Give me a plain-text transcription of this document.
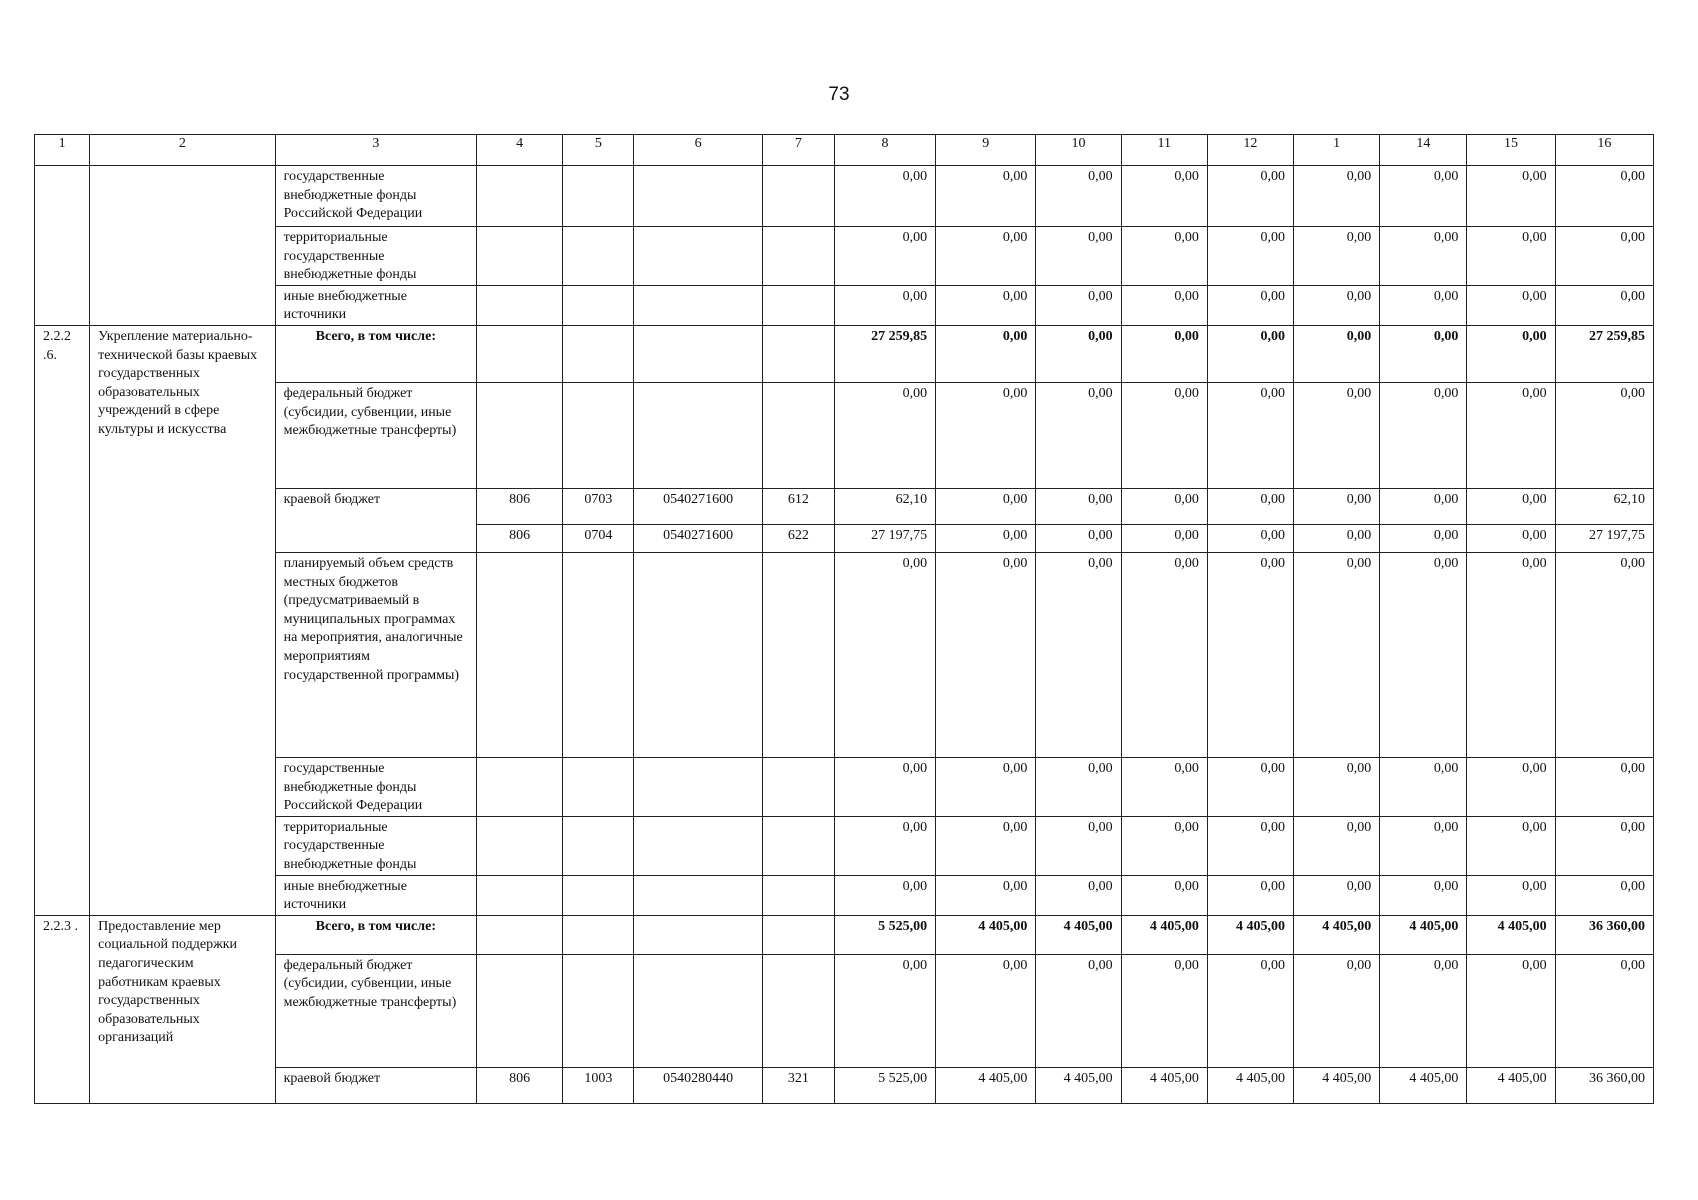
73
1	2	3	4	5	6	7	8	9	10	11	12	1	14	15	16
		государственные внебюджетные фонды Российской Федерации					0,00	0,00	0,00	0,00	0,00	0,00	0,00	0,00	0,00
		территориальные государственные внебюджетные фонды					0,00	0,00	0,00	0,00	0,00	0,00	0,00	0,00	0,00
		иные внебюджетные источники					0,00	0,00	0,00	0,00	0,00	0,00	0,00	0,00	0,00
2.2.2 .6.	Укрепление материально-технической базы краевых государственных образовательных учреждений в сфере культуры и искусства	Всего, в том числе:					27 259,85	0,00	0,00	0,00	0,00	0,00	0,00	0,00	27 259,85
		федеральный бюджет (субсидии, субвенции, иные межбюджетные трансферты)					0,00	0,00	0,00	0,00	0,00	0,00	0,00	0,00	0,00
		краевой бюджет	806	0703	0540271600	612	62,10	0,00	0,00	0,00	0,00	0,00	0,00	0,00	62,10
			806	0704	0540271600	622	27 197,75	0,00	0,00	0,00	0,00	0,00	0,00	0,00	27 197,75
		планируемый объем средств местных бюджетов (предусматриваемый в муниципальных программах на мероприятия, аналогичные мероприятиям государственной программы)					0,00	0,00	0,00	0,00	0,00	0,00	0,00	0,00	0,00
		государственные внебюджетные фонды Российской Федерации					0,00	0,00	0,00	0,00	0,00	0,00	0,00	0,00	0,00
		территориальные государственные внебюджетные фонды					0,00	0,00	0,00	0,00	0,00	0,00	0,00	0,00	0,00
		иные внебюджетные источники					0,00	0,00	0,00	0,00	0,00	0,00	0,00	0,00	0,00
2.2.3 .	Предоставление мер социальной поддержки педагогическим работникам краевых государственных образовательных организаций	Всего, в том числе:					5 525,00	4 405,00	4 405,00	4 405,00	4 405,00	4 405,00	4 405,00	4 405,00	36 360,00
		федеральный бюджет (субсидии, субвенции, иные межбюджетные трансферты)					0,00	0,00	0,00	0,00	0,00	0,00	0,00	0,00	0,00
		краевой бюджет	806	1003	0540280440	321	5 525,00	4 405,00	4 405,00	4 405,00	4 405,00	4 405,00	4 405,00	4 405,00	36 360,00
